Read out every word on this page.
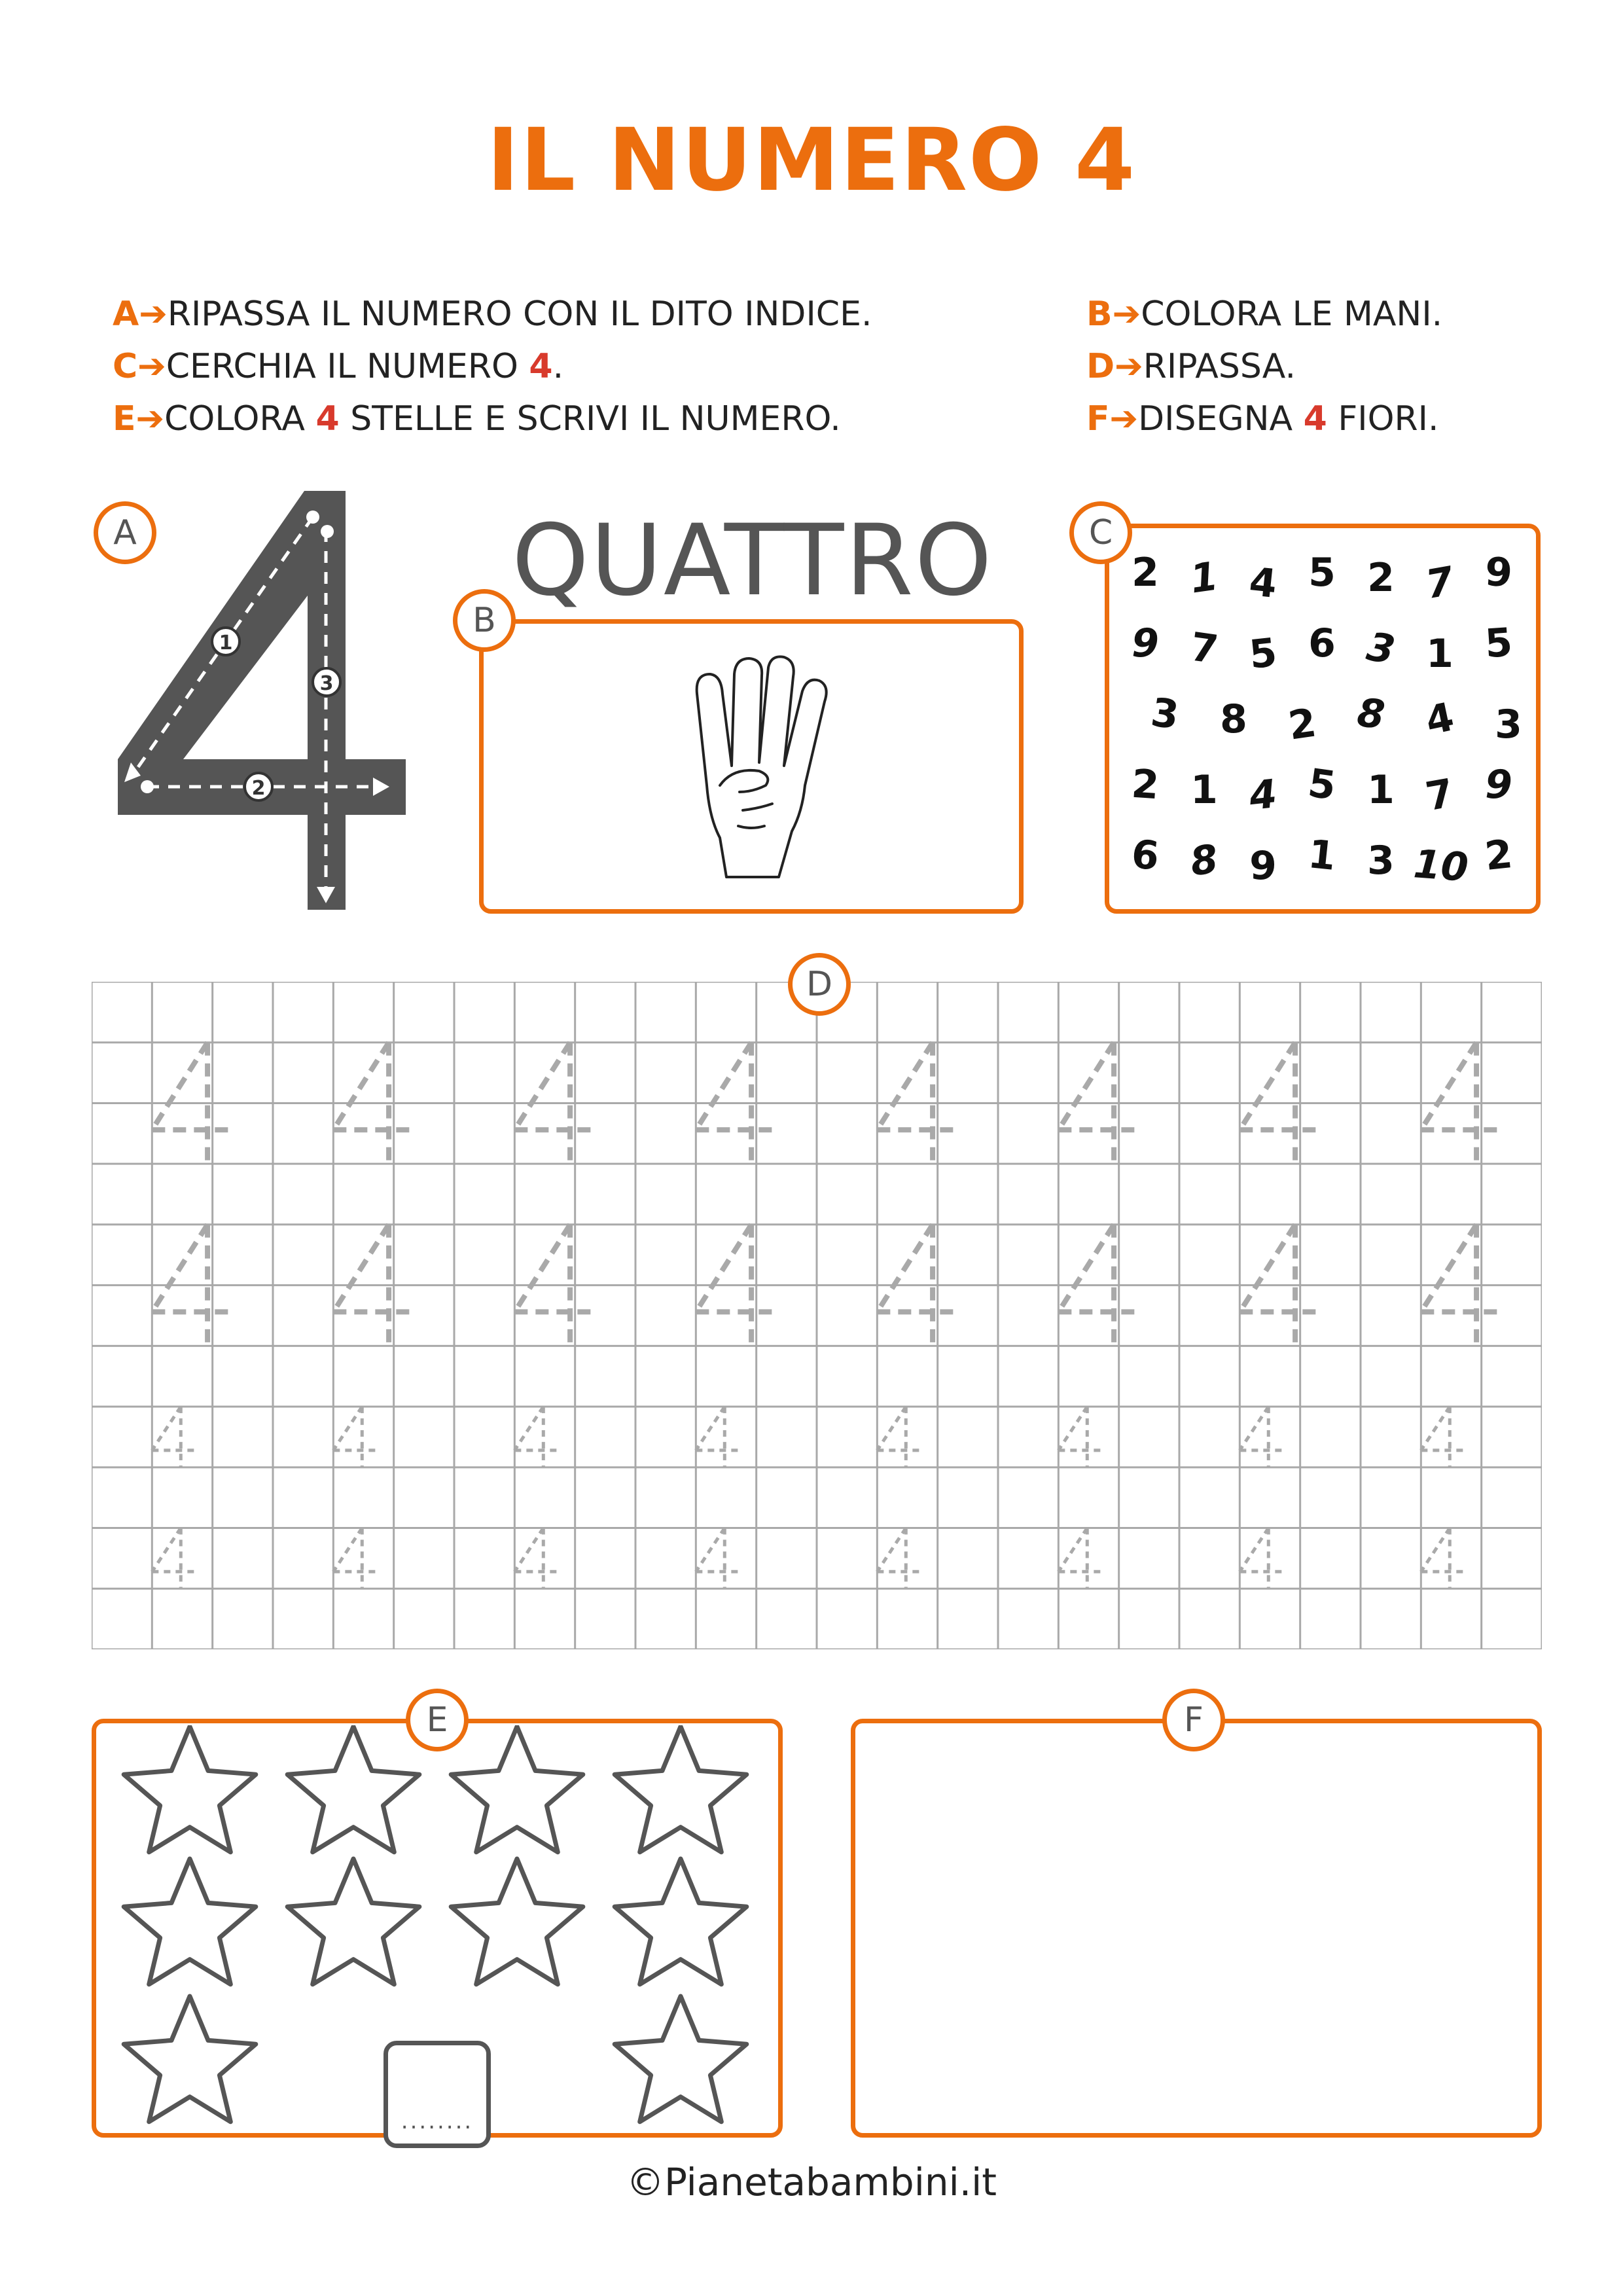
IL NUMERO 4
A➔RIPASSA IL NUMERO CON IL DITO INDICE.	B➔COLORA LE MANI.
C➔CERCHIA IL NUMERO 4.	D➔RIPASSA.
E➔COLORA 4 STELLE E SCRIVI IL NUMERO.	F➔DISEGNA 4 FIORI.
A
1
2
3
QUATTRO
B
C
2 1 4 5 2 7 9
9 7 5 6 3 1 5
3 8 2 8 4 3
2 1 4 5 1 7 9
6 8 9 1 3 10 2
D
E
........
F
©Pianetabambini.it
